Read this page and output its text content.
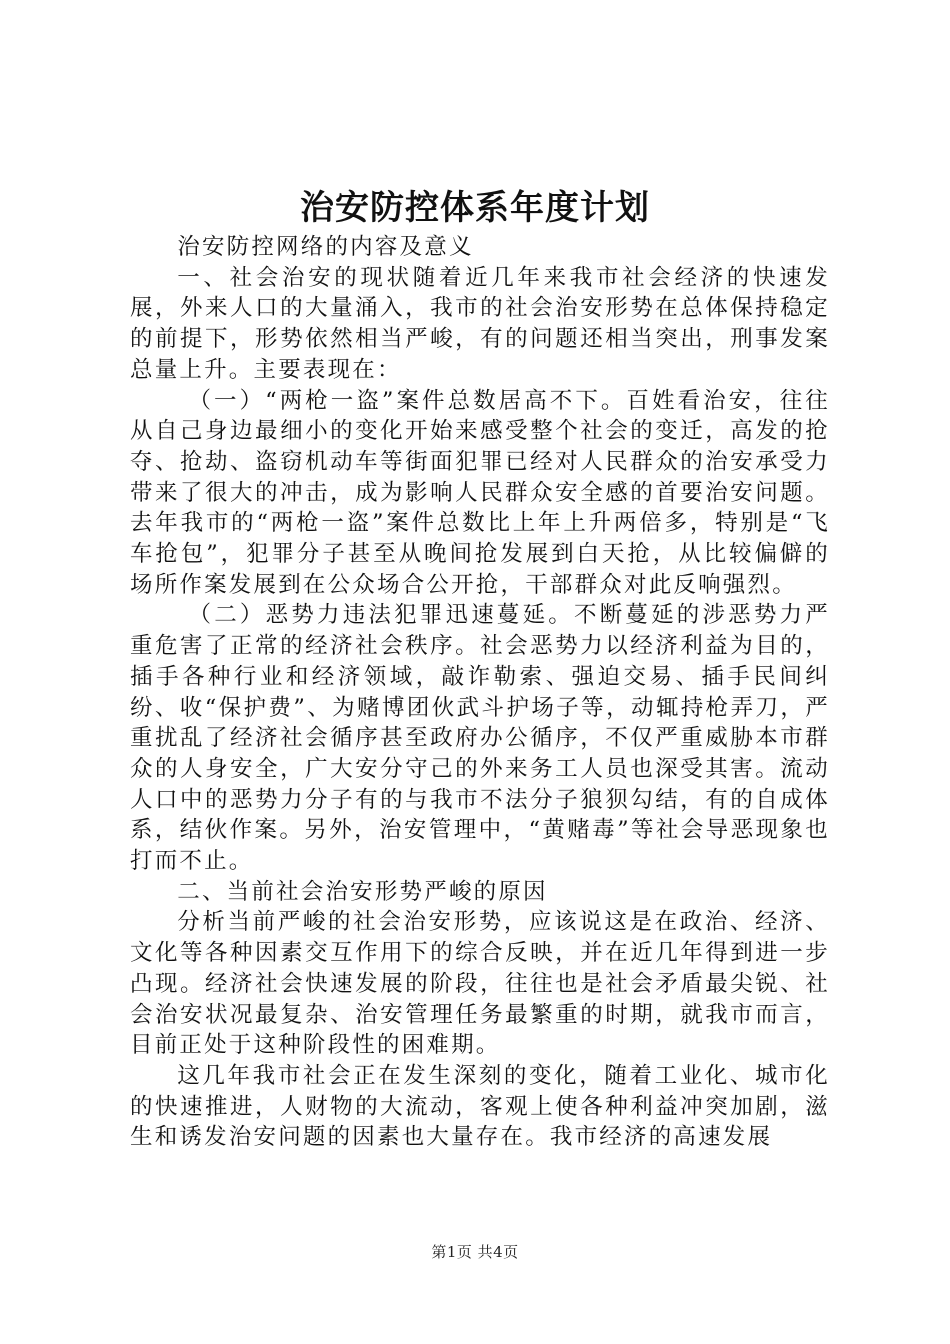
治安防控体系年度计划

治安防控网络的内容及意义

一、社会治安的现状随着近几年来我市社会经济的快速发展，外来人口的大量涌入，我市的社会治安形势在总体保持稳定的前提下，形势依然相当严峻，有的问题还相当突出，刑事发案总量上升。主要表现在：

（一）“两枪一盗”案件总数居高不下。百姓看治安，往往从自己身边最细小的变化开始来感受整个社会的变迁，高发的抢夺、抢劫、盗窃机动车等街面犯罪已经对人民群众的治安承受力带来了很大的冲击，成为影响人民群众安全感的首要治安问题。去年我市的“两枪一盗”案件总数比上年上升两倍多，特别是“飞车抢包”，犯罪分子甚至从晚间抢发展到白天抢，从比较偏僻的场所作案发展到在公众场合公开抢，干部群众对此反响强烈。

（二）恶势力违法犯罪迅速蔓延。不断蔓延的涉恶势力严重危害了正常的经济社会秩序。社会恶势力以经济利益为目的，插手各种行业和经济领域，敲诈勒索、强迫交易、插手民间纠纷、收“保护费”、为赌博团伙武斗护场子等，动辄持枪弄刀，严重扰乱了经济社会循序甚至政府办公循序，不仅严重威胁本市群众的人身安全，广大安分守己的外来务工人员也深受其害。流动人口中的恶势力分子有的与我市不法分子狼狈勾结，有的自成体系，结伙作案。另外，治安管理中，“黄赌毒”等社会导恶现象也打而不止。

二、当前社会治安形势严峻的原因

分析当前严峻的社会治安形势，应该说这是在政治、经济、文化等各种因素交互作用下的综合反映，并在近几年得到进一步凸现。经济社会快速发展的阶段，往往也是社会矛盾最尖锐、社会治安状况最复杂、治安管理任务最繁重的时期，就我市而言，目前正处于这种阶段性的困难期。

这几年我市社会正在发生深刻的变化，随着工业化、城市化的快速推进，人财物的大流动，客观上使各种利益冲突加剧，滋生和诱发治安问题的因素也大量存在。我市经济的高速发展

第1页 共4页
